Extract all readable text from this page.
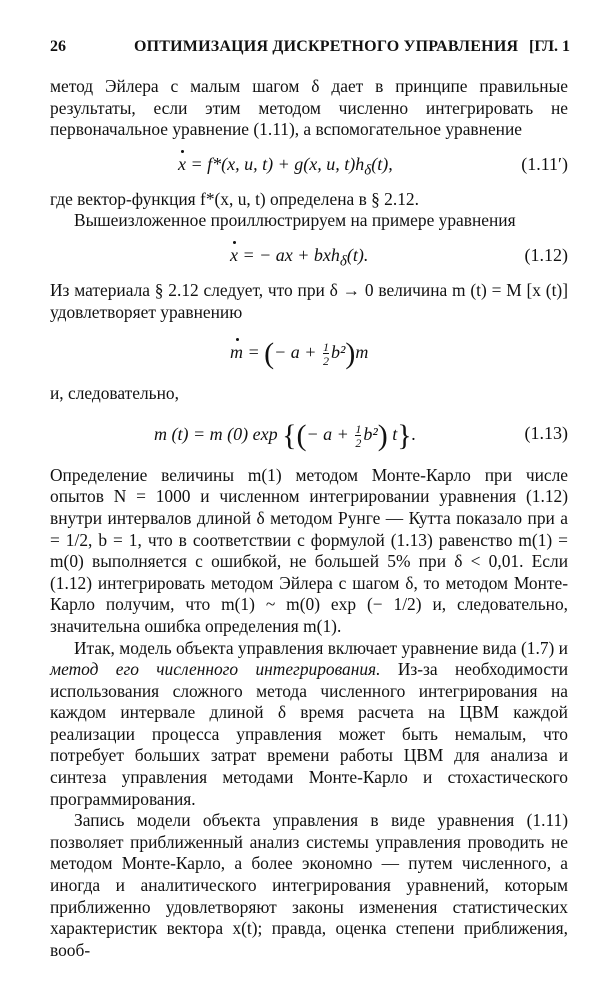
26	ОПТИМИЗАЦИЯ ДИСКРЕТНОГО УПРАВЛЕНИЯ [ГЛ. 1

метод Эйлера с малым шагом δ дает в принципе правильные результаты, если этим методом численно интегрировать не первоначальное уравнение (1.11), а вспомогательное уравнение

x = f*(x, u, t) + g(x, u, $t)h_\delta(t)$,	(1.11′)

где вектор-функция f*(x, u, t) определена в § 2.12.

Вышеизложенное проиллюстрируем на примере уравнения

x = − ax + bxh$_\delta$(t).	(1.12)

Из материала § 2.12 следует, что при δ → 0 величина m (t) = M [x (t)] удовлетворяет уравнению

m = (− $a + \frac{1}{2} b^2)m$

и, следовательно,

m (t) = m (0) exp {(− $a + \frac{1}{2} b^2$) t}.	(1.13)

Определение величины m(1) методом Монте-Карло при числе опытов N = 1000 и численном интегрировании уравнения (1.12) внутри интервалов длиной δ методом Рунге — Кутта показало при a = 1/2, b = 1, что в соответствии с формулой (1.13) равенство m(1) = m(0) выполняется с ошибкой, не большей 5% при δ < 0,01. Если (1.12) интегрировать методом Эйлера с шагом δ, то методом Монте-Карло получим, что m(1) ~ m(0) exp (− 1/2) и, следовательно, значительна ошибка определения m(1).

Итак, модель объекта управления включает уравнение вида (1.7) и метод его численного интегрирования. Из-за необходимости использования сложного метода численного интегрирования на каждом интервале длиной δ время расчета на ЦВМ каждой реализации процесса управления может быть немалым, что потребует больших затрат времени работы ЦВМ для анализа и синтеза управления методами Монте-Карло и стохастического программирования.

Запись модели объекта управления в виде уравнения (1.11) позволяет приближенный анализ системы управления проводить не методом Монте-Карло, а более экономно — путем численного, а иногда и аналитического интегрирования уравнений, которым приближенно удовлетворяют законы изменения статистических характеристик вектора x(t); правда, оценка степени приближения, вооб-
